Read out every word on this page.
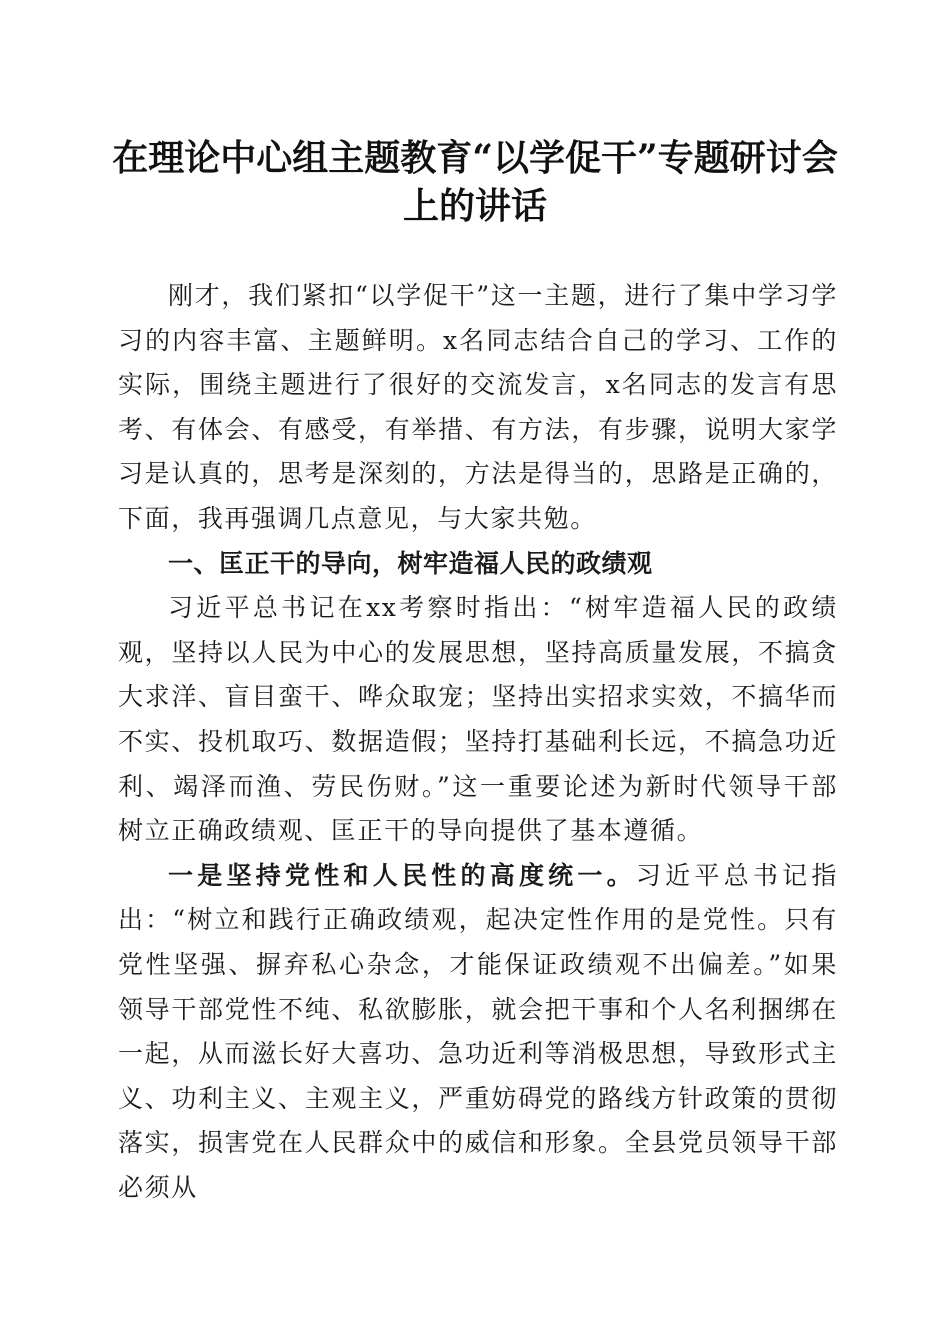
在理论中心组主题教育“以学促干”专题研讨会上的讲话

刚才，我们紧扣“以学促干”这一主题，进行了集中学习学习的内容丰富、主题鲜明。x名同志结合自己的学习、工作的实际，围绕主题进行了很好的交流发言，x名同志的发言有思考、有体会、有感受，有举措、有方法，有步骤，说明大家学习是认真的，思考是深刻的，方法是得当的，思路是正确的，下面，我再强调几点意见，与大家共勉。

一、匡正干的导向，树牢造福人民的政绩观

习近平总书记在xx考察时指出：“树牢造福人民的政绩观，坚持以人民为中心的发展思想，坚持高质量发展，不搞贪大求洋、盲目蛮干、哗众取宠；坚持出实招求实效，不搞华而不实、投机取巧、数据造假；坚持打基础利长远，不搞急功近利、竭泽而渔、劳民伤财。”这一重要论述为新时代领导干部树立正确政绩观、匡正干的导向提供了基本遵循。

一是坚持党性和人民性的高度统一。习近平总书记指出：“树立和践行正确政绩观，起决定性作用的是党性。只有党性坚强、摒弃私心杂念，才能保证政绩观不出偏差。”如果领导干部党性不纯、私欲膨胀，就会把干事和个人名利捆绑在一起，从而滋长好大喜功、急功近利等消极思想，导致形式主义、功利主义、主观主义，严重妨碍党的路线方针政策的贯彻落实，损害党在人民群众中的威信和形象。全县党员领导干部必须从
